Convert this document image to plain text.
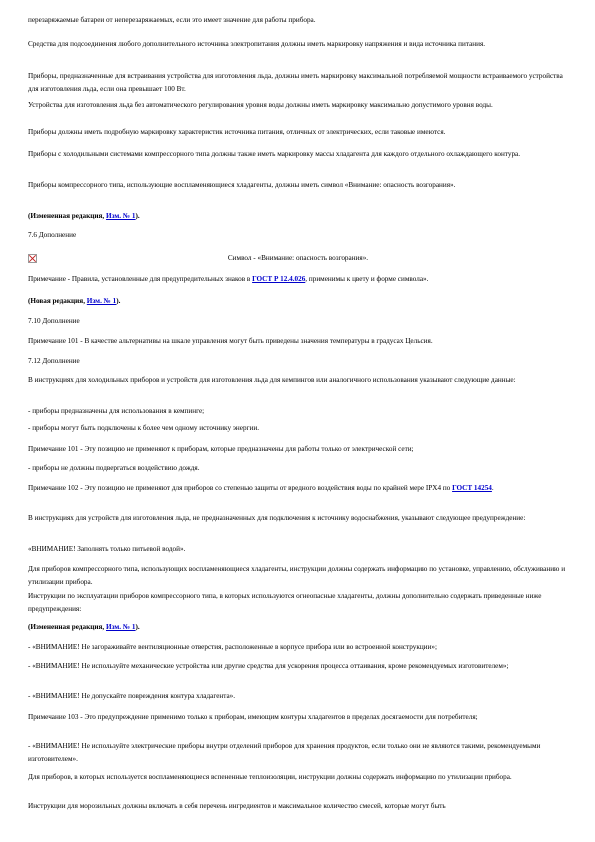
перезаряжаемые батареи от неперезаряжаемых, если это имеет значение для работы прибора.

Средства для подсоединения любого дополнительного источника электропитания должны иметь маркировку напряжения и вида источника питания.

Приборы, предназначенные для встраивания устройства для изготовления льда, должны иметь маркировку максимальной потребляемой мощности встраиваемого устройства для изготовления льда, если она превышает 100 Вт.

Устройства для изготовления льда без автоматического регулирования уровня воды должны иметь маркировку максимально допустимого уровня воды.

Приборы должны иметь подробную маркировку характеристик источника питания, отличных от электрических, если таковые имеются.

Приборы с холодильными системами компрессорного типа должны также иметь маркировку массы хладагента для каждого отдельного охлаждающего контура.

Приборы компрессорного типа, использующие воспламеняющиеся хладагенты, должны иметь символ «Внимание: опасность возгорания».

(Измененная редакция, Изм. № 1).

7.6 Дополнение

Символ - «Внимание: опасность возгорания».

Примечание - Правила, установленные для предупредительных знаков в ГОСТ Р 12.4.026, применимы к цвету и форме символа».

(Новая редакция, Изм. № 1).

7.10 Дополнение

Примечание 101 - В качестве альтернативы на шкале управления могут быть приведены значения температуры в градусах Цельсия.

7.12 Дополнение

В инструкциях для холодильных приборов и устройств для изготовления льда для кемпингов или аналогичного использования указывают следующие данные:

- приборы предназначены для использования в кемпинге;

- приборы могут быть подключены к более чем одному источнику энергии.

Примечание 101 - Эту позицию не применяют к приборам, которые предназначены для работы только от электрической сети;

- приборы не должны подвергаться воздействию дождя.

Примечание 102 - Эту позицию не применяют для приборов со степенью защиты от вредного воздействия воды по крайней мере IPX4 по ГОСТ 14254.

В инструкциях для устройств для изготовления льда, не предназначенных для подключения к источнику водоснабжения, указывают следующее предупреждение:

«ВНИМАНИЕ! Заполнять только питьевой водой».

Для приборов компрессорного типа, использующих воспламеняющиеся хладагенты, инструкции должны содержать информацию по установке, управлению, обслуживанию и утилизации прибора.

Инструкции по эксплуатации приборов компрессорного типа, в которых используются огнеопасные хладагенты, должны дополнительно содержать приведенные ниже предупреждения:

(Измененная редакция, Изм. № 1).

- «ВНИМАНИЕ! Не загораживайте вентиляционные отверстия, расположенные в корпусе прибора или во встроенной конструкции»;

- «ВНИМАНИЕ! Не используйте механические устройства или другие средства для ускорения процесса оттаивания, кроме рекомендуемых изготовителем»;

- «ВНИМАНИЕ! Не допускайте повреждения контура хладагента».

Примечание 103 - Это предупреждение применимо только к приборам, имеющим контуры хладагентов в пределах досягаемости для потребителя;

- «ВНИМАНИЕ! Не используйте электрические приборы внутри отделений приборов для хранения продуктов, если только они не являются такими, рекомендуемыми изготовителем».

Для приборов, в которых используется воспламеняющиеся вспененные теплоизоляции, инструкции должны содержать информацию по утилизации прибора.

Инструкции для морозильных должны включать в себя перечень ингредиентов и максимальное количество смесей, которые могут быть
